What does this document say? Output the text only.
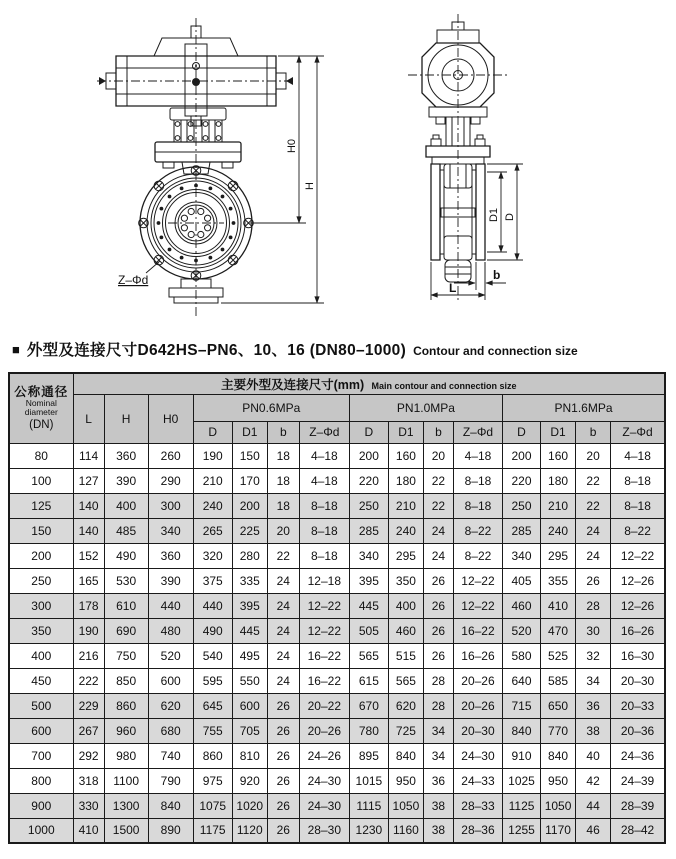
H0
H
Z–Φd
D1 D
b
L
■ 外型及连接尺寸D642HS–PN6、10、16 (DN80–1000) Contour and connection size
公称通径
Nominal diameter
(DN)	主要外型及连接尺寸(mm) Main contour and connection size														
	L	H	H0	PN0.6MPa				PN1.0MPa				PN1.6MPa			
				D	D1	b	Z–Φd	D	D1	b	Z–Φd	D	D1	b	Z–Φd
80	114	360	260	190	150	18	4–18	200	160	20	4–18	200	160	20	4–18
100	127	390	290	210	170	18	4–18	220	180	22	8–18	220	180	22	8–18
125	140	400	300	240	200	18	8–18	250	210	22	8–18	250	210	22	8–18
150	140	485	340	265	225	20	8–18	285	240	24	8–22	285	240	24	8–22
200	152	490	360	320	280	22	8–18	340	295	24	8–22	340	295	24	12–22
250	165	530	390	375	335	24	12–18	395	350	26	12–22	405	355	26	12–26
300	178	610	440	440	395	24	12–22	445	400	26	12–22	460	410	28	12–26
350	190	690	480	490	445	24	12–22	505	460	26	16–22	520	470	30	16–26
400	216	750	520	540	495	24	16–22	565	515	26	16–26	580	525	32	16–30
450	222	850	600	595	550	24	16–22	615	565	28	20–26	640	585	34	20–30
500	229	860	620	645	600	26	20–22	670	620	28	20–26	715	650	36	20–33
600	267	960	680	755	705	26	20–26	780	725	34	20–30	840	770	38	20–36
700	292	980	740	860	810	26	24–26	895	840	34	24–30	910	840	40	24–36
800	318	1100	790	975	920	26	24–30	1015	950	36	24–33	1025	950	42	24–39
900	330	1300	840	1075	1020	26	24–30	1115	1050	38	28–33	1125	1050	44	28–39
1000	410	1500	890	1175	1120	26	28–30	1230	1160	38	28–36	1255	1170	46	28–42
